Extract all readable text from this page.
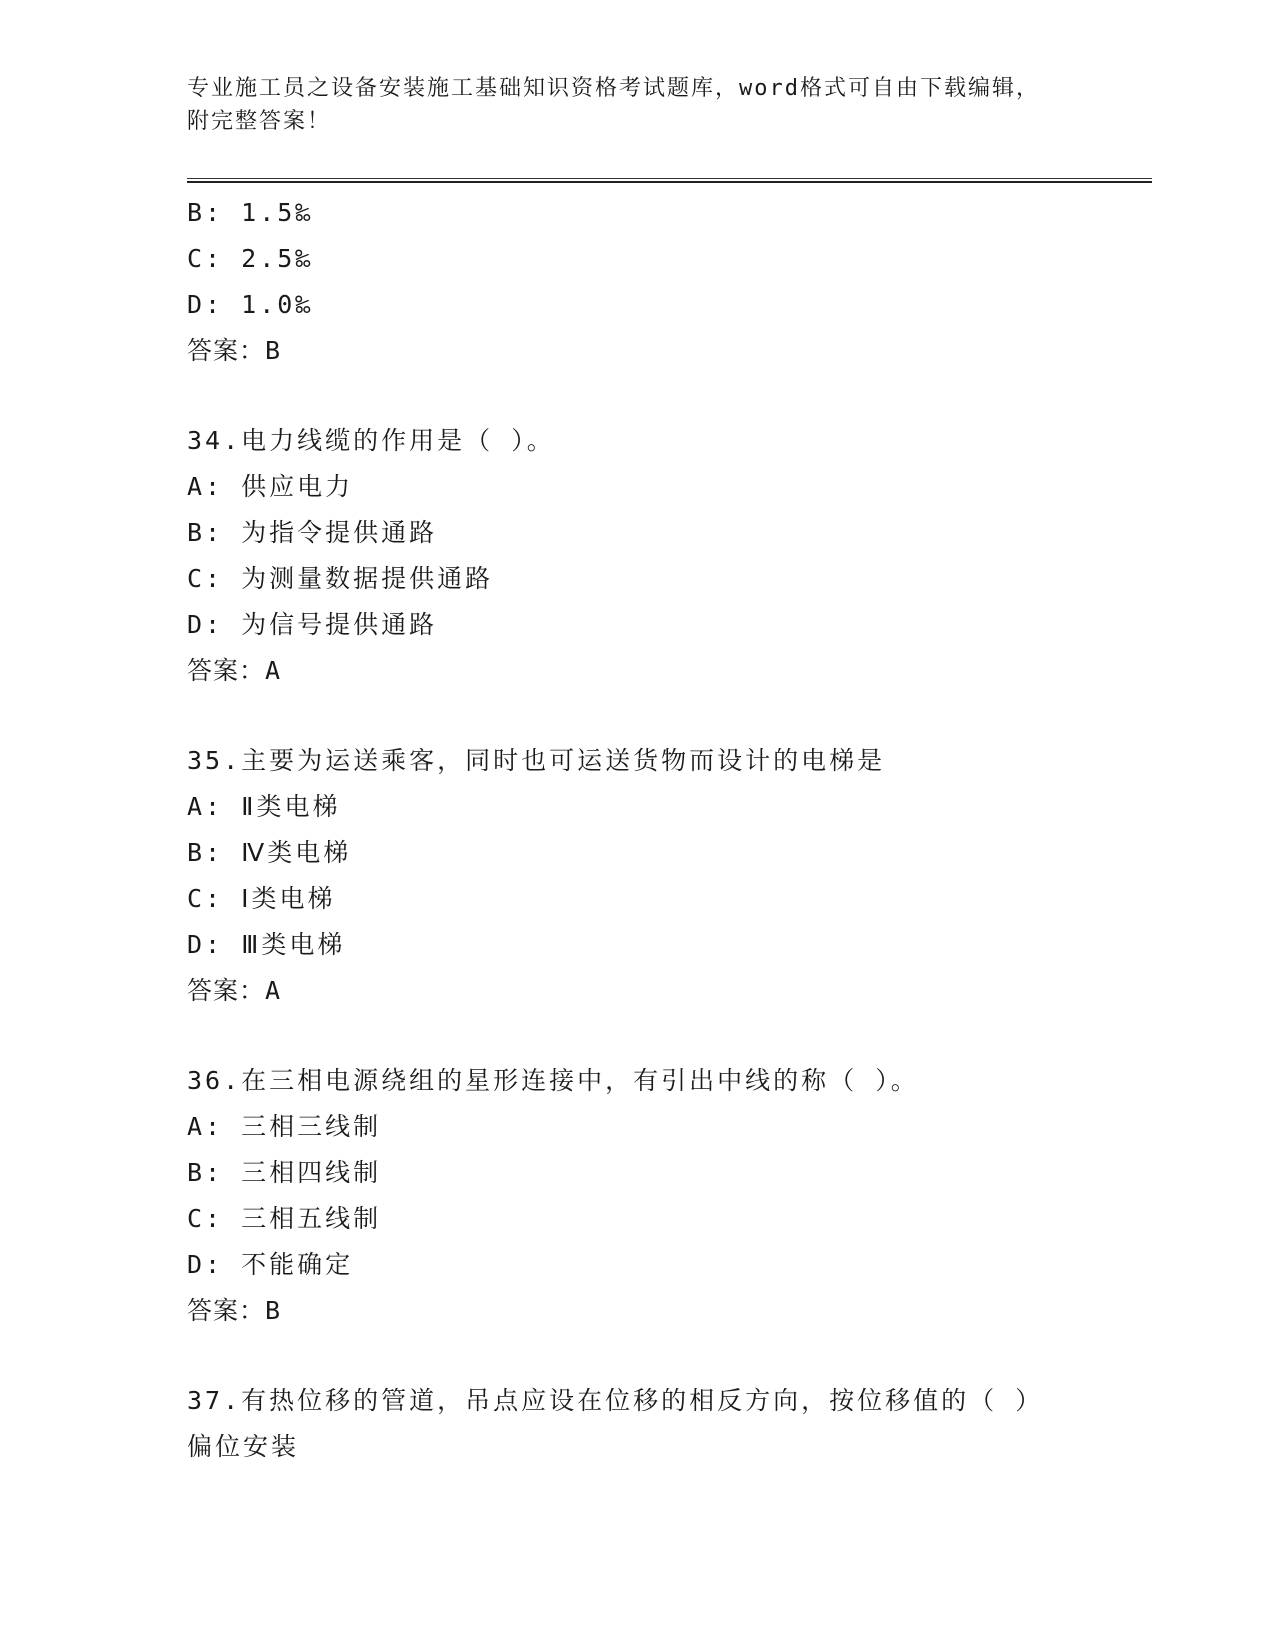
专业施工员之设备安装施工基础知识资格考试题库，word格式可自由下载编辑，
附完整答案！
B: 1.5‰
C: 2.5‰
D: 1.0‰
答案：B
34.电力线缆的作用是（ ）。
A: 供应电力
B: 为指令提供通路
C: 为测量数据提供通路
D: 为信号提供通路
答案：A
35.主要为运送乘客，同时也可运送货物而设计的电梯是
A: Ⅱ类电梯
B: Ⅳ类电梯
C: Ⅰ类电梯
D: Ⅲ类电梯
答案：A
36.在三相电源绕组的星形连接中，有引出中线的称（ ）。
A: 三相三线制
B: 三相四线制
C: 三相五线制
D: 不能确定
答案：B
37.有热位移的管道，吊点应设在位移的相反方向，按位移值的（ ）
偏位安装
